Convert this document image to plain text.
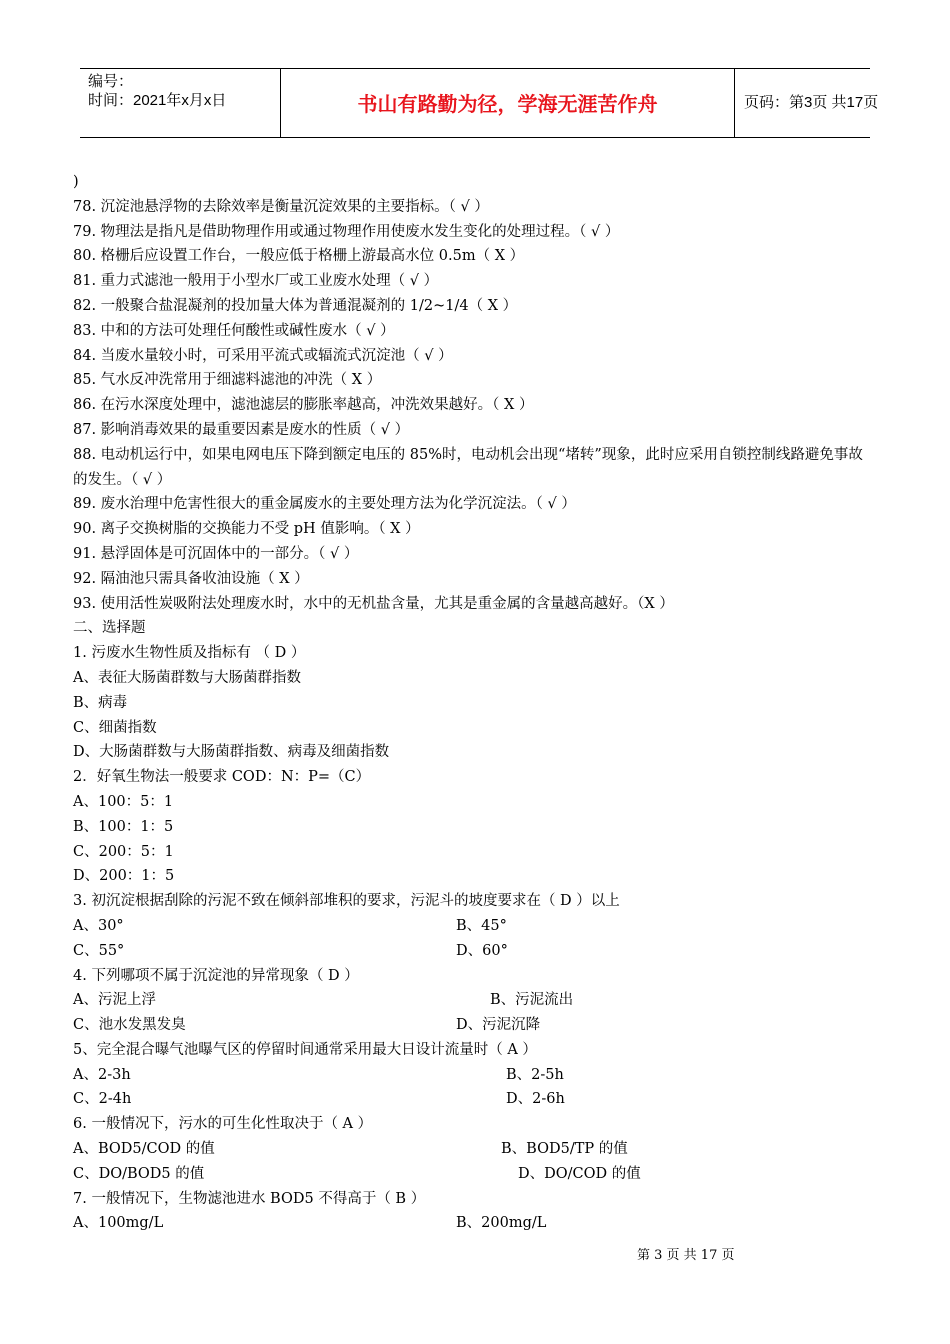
编号：
时间：2021年x月x日	书山有路勤为径，学海无涯苦作舟	页码：第3页 共17页
)
78. 沉淀池悬浮物的去除效率是衡量沉淀效果的主要指标。（ √ ）
79. 物理法是指凡是借助物理作用或通过物理作用使废水发生变化的处理过程。（ √ ）
80. 格栅后应设置工作台，一般应低于格栅上游最高水位 0.5m（ X ）
81. 重力式滤池一般用于小型水厂或工业废水处理（ √ ）
82. 一般聚合盐混凝剂的投加量大体为普通混凝剂的 1/2~1/4（ X ）
83. 中和的方法可处理任何酸性或碱性废水（ √ ）
84. 当废水量较小时，可采用平流式或辐流式沉淀池（ √ ）
85. 气水反冲洗常用于细滤料滤池的冲洗（ X ）
86. 在污水深度处理中，滤池滤层的膨胀率越高，冲洗效果越好。（ X ）
87. 影响消毒效果的最重要因素是废水的性质（ √ ）
88. 电动机运行中，如果电网电压下降到额定电压的 85%时，电动机会出现“堵转”现象，此时应采用自锁控制线路避免事故的发生。（ √ ）
89. 废水治理中危害性很大的重金属废水的主要处理方法为化学沉淀法。（ √ ）
90. 离子交换树脂的交换能力不受 pH 值影响。（ X ）
91. 悬浮固体是可沉固体中的一部分。（ √ ）
92. 隔油池只需具备收油设施（ X ）
93. 使用活性炭吸附法处理废水时，水中的无机盐含量，尤其是重金属的含量越高越好。（X ）
二、选择题
1. 污废水生物性质及指标有 （ D ）
A、表征大肠菌群数与大肠菌群指数
B、病毒
C、细菌指数
D、大肠菌群数与大肠菌群指数、病毒及细菌指数
2．好氧生物法一般要求 COD：N：P=（C）
A、100：5：1
B、100：1：5
C、200：5：1
D、200：1：5
3. 初沉淀根据刮除的污泥不致在倾斜部堆积的要求，污泥斗的坡度要求在（ D ）以上
A、30°	B、45°
C、55°	D、60°
4. 下列哪项不属于沉淀池的异常现象（ D ）
A、污泥上浮	B、污泥流出
C、池水发黑发臭	D、污泥沉降
5、完全混合曝气池曝气区的停留时间通常采用最大日设计流量时（ A ）
A、2-3h	B、2-5h
C、2-4h	D、2-6h
6. 一般情况下，污水的可生化性取决于（ A ）
A、BOD5/COD 的值	B、BOD5/TP 的值
C、DO/BOD5 的值	D、DO/COD 的值
7. 一般情况下，生物滤池进水 BOD5 不得高于（ B ）
A、100mg/L	B、200mg/L
第 3 页 共 17 页
